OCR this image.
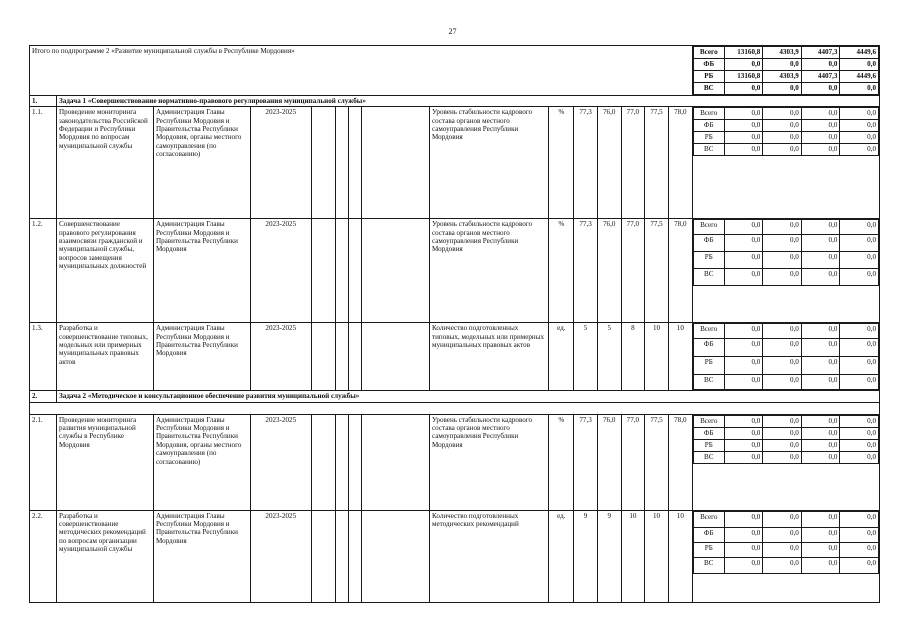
27
Итого по подпрограмме 2 «Развитие муниципальной службы в Республике Мордовия»		Всего	13160,8	4303,9	4407,3	4449,6
ФБ	0,0	0,0	0,0	0,0
РБ	13160,8	4303,9	4407,3	4449,6
ВС	0,0	0,0	0,0	0,0

1.	Задача 1 «Совершенствование нормативно-правового регулирования муниципальной службы»
1.1.	Проведение мониторинга законодательства Российской Федерации и Республики Мордовия по вопросам муниципальной службы	Администрация Главы Республики Мордовия и Правительства Республики Мордовия, органы местного самоуправления (по согласованию)	2023-2025					Уровень стабильности кадрового состава органов местного самоуправления Республики Мордовия	%	77,3	76,0	77,0	77,5	78,0	Всего	0,0	0,0	0,0	0,0
ФБ	0,0	0,0	0,0	0,0
РБ	0,0	0,0	0,0	0,0
ВС	0,0	0,0	0,0	0,0

1.2.	Совершенствование правового регулирования взаимосвязи гражданской и муниципальной службы, вопросов замещения муниципальных должностей	Администрация Главы Республики Мордовия и Правительства Республики Мордовия	2023-2025					Уровень стабильности кадрового состава органов местного самоуправления Республики Мордовия	%	77,3	76,0	77,0	77,5	78,0	Всего	0,0	0,0	0,0	0,0
ФБ	0,0	0,0	0,0	0,0
РБ	0,0	0,0	0,0	0,0
ВС	0,0	0,0	0,0	0,0

1.3.	Разработка и совершенствование типовых, модельных или примерных муниципальных правовых актов	Администрация Главы Республики Мордовия и Правительства Республики Мордовия	2023-2025					Количество подготовленных типовых, модельных или примерных муниципальных правовых актов	ед.	5	5	8	10	10	Всего	0,0	0,0	0,0	0,0
ФБ	0,0	0,0	0,0	0,0
РБ	0,0	0,0	0,0	0,0
ВС	0,0	0,0	0,0	0,0

2.	Задача 2 «Методическое и консультационное обеспечение развития муниципальной службы»

2.1.	Проведение мониторинга развития муниципальной службы в Республике Мордовия	Администрация Главы Республики Мордовия и Правительства Республики Мордовия, органы местного самоуправления (по согласованию)	2023-2025					Уровень стабильности кадрового состава органов местного самоуправления Республики Мордовия	%	77,3	76,0	77,0	77,5	78,0	Всего	0,0	0,0	0,0	0,0
ФБ	0,0	0,0	0,0	0,0
РБ	0,0	0,0	0,0	0,0
ВС	0,0	0,0	0,0	0,0

2.2.	Разработка и совершенствование методических рекомендаций по вопросам организации муниципальной службы	Администрация Главы Республики Мордовия и Правительства Республики Мордовия	2023-2025					Количество подготовленных методических рекомендаций	ед.	9	9	10	10	10	Всего	0,0	0,0	0,0	0,0
ФБ	0,0	0,0	0,0	0,0
РБ	0,0	0,0	0,0	0,0
ВС	0,0	0,0	0,0	0,0
